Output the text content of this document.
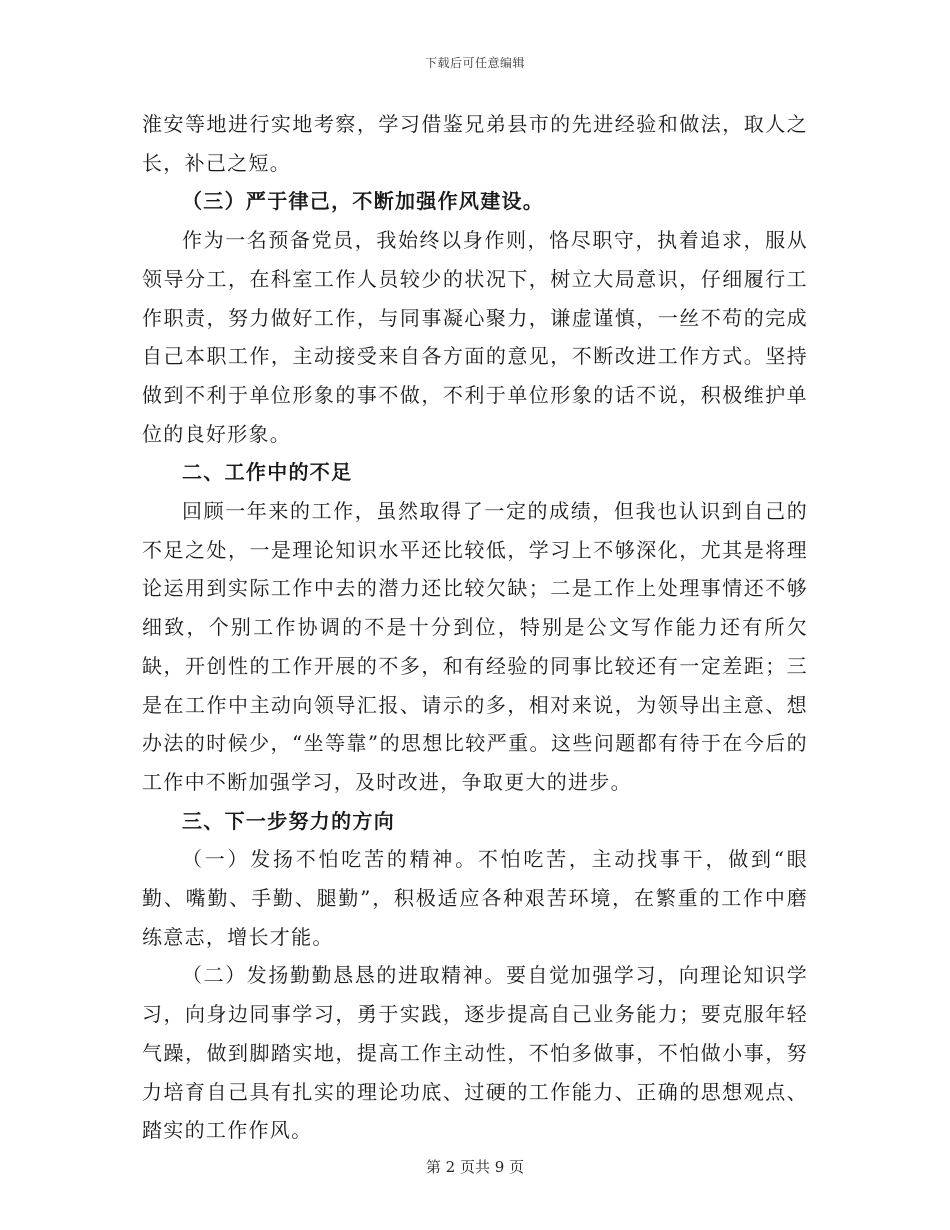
下载后可任意编辑

淮安等地进行实地考察，学习借鉴兄弟县市的先进经验和做法，取人之长，补己之短。

（三）严于律己，不断加强作风建设。

作为一名预备党员，我始终以身作则，恪尽职守，执着追求，服从领导分工，在科室工作人员较少的状况下，树立大局意识，仔细履行工作职责，努力做好工作，与同事凝心聚力，谦虚谨慎，一丝不苟的完成自己本职工作，主动接受来自各方面的意见，不断改进工作方式。坚持做到不利于单位形象的事不做，不利于单位形象的话不说，积极维护单位的良好形象。

二、工作中的不足

回顾一年来的工作，虽然取得了一定的成绩，但我也认识到自己的不足之处，一是理论知识水平还比较低，学习上不够深化，尤其是将理论运用到实际工作中去的潜力还比较欠缺；二是工作上处理事情还不够细致，个别工作协调的不是十分到位，特别是公文写作能力还有所欠缺，开创性的工作开展的不多，和有经验的同事比较还有一定差距；三是在工作中主动向领导汇报、请示的多，相对来说，为领导出主意、想办法的时候少，“坐等靠”的思想比较严重。这些问题都有待于在今后的工作中不断加强学习，及时改进，争取更大的进步。

三、下一步努力的方向

（一）发扬不怕吃苦的精神。不怕吃苦，主动找事干，做到“眼勤、嘴勤、手勤、腿勤”，积极适应各种艰苦环境，在繁重的工作中磨练意志，增长才能。

（二）发扬勤勤恳恳的进取精神。要自觉加强学习，向理论知识学习，向身边同事学习，勇于实践，逐步提高自己业务能力；要克服年轻气躁，做到脚踏实地，提高工作主动性，不怕多做事，不怕做小事，努力培育自己具有扎实的理论功底、过硬的工作能力、正确的思想观点、踏实的工作作风。

第 2 页共 9 页
